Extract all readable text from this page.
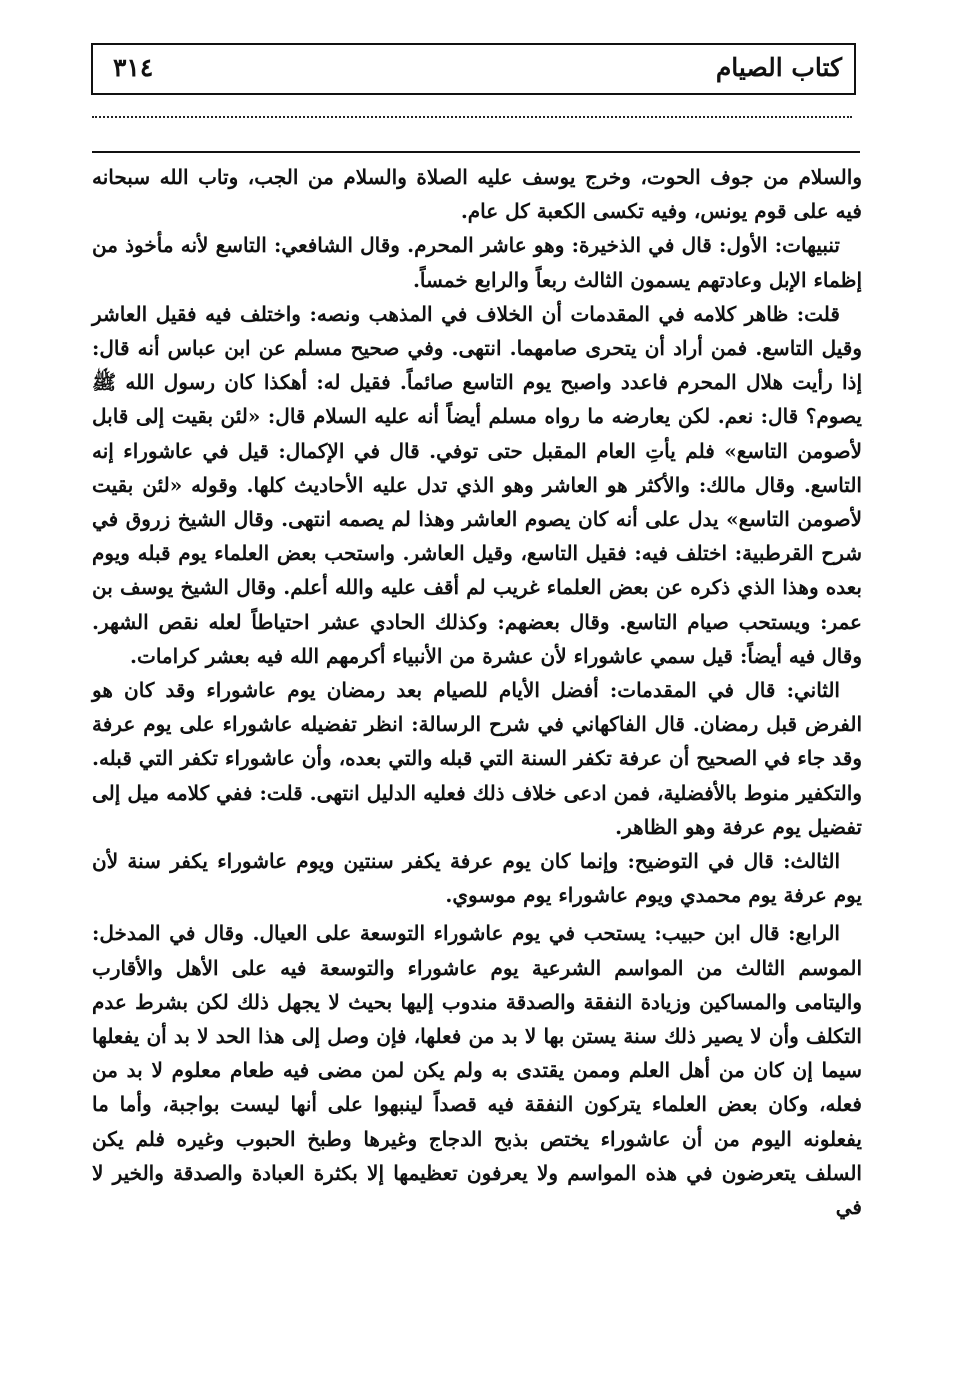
كتاب الصيام
٣١٤

والسلام من جوف الحوت، وخرج يوسف عليه الصلاة والسلام من الجب، وتاب الله سبحانه فيه على قوم يونس، وفيه تكسى الكعبة كل عام.

تنبيهات: الأول: قال في الذخيرة: وهو عاشر المحرم. وقال الشافعي: التاسع لأنه مأخوذ من إظماء الإبل وعادتهم يسمون الثالث ربعاً والرابع خمساً.

قلت: ظاهر كلامه في المقدمات أن الخلاف في المذهب ونصه: واختلف فيه فقيل العاشر وقيل التاسع. فمن أراد أن يتحرى صامهما. انتهى. وفي صحيح مسلم عن ابن عباس أنه قال: إذا رأيت هلال المحرم فاعدد واصبح يوم التاسع صائماً. فقيل له: أهكذا كان رسول الله ﷺ يصوم؟ قال: نعم. لكن يعارضه ما رواه مسلم أيضاً أنه عليه السلام قال: «لئن بقيت إلى قابل لأصومن التاسع» فلم يأتِ العام المقبل حتى توفي. قال في الإكمال: قيل في عاشوراء إنه التاسع. وقال مالك: والأكثر هو العاشر وهو الذي تدل عليه الأحاديث كلها. وقوله «لئن بقيت لأصومن التاسع» يدل على أنه كان يصوم العاشر وهذا لم يصمه انتهى. وقال الشيخ زروق في شرح القرطبية: اختلف فيه: فقيل التاسع، وقيل العاشر. واستحب بعض العلماء يوم قبله ويوم بعده وهذا الذي ذكره عن بعض العلماء غريب لم أقف عليه والله أعلم. وقال الشيخ يوسف بن عمر: ويستحب صيام التاسع. وقال بعضهم: وكذلك الحادي عشر احتياطاً لعله نقص الشهر. وقال فيه أيضاً: قيل سمي عاشوراء لأن عشرة من الأنبياء أكرمهم الله فيه بعشر كرامات.

الثاني: قال في المقدمات: أفضل الأيام للصيام بعد رمضان يوم عاشوراء وقد كان هو الفرض قبل رمضان. قال الفاكهاني في شرح الرسالة: انظر تفضيله عاشوراء على يوم عرفة وقد جاء في الصحيح أن عرفة تكفر السنة التي قبله والتي بعده، وأن عاشوراء تكفر التي قبله. والتكفير منوط بالأفضلية، فمن ادعى خلاف ذلك فعليه الدليل انتهى. قلت: ففي كلامه ميل إلى تفضيل يوم عرفة وهو الظاهر.

الثالث: قال في التوضيح: وإنما كان يوم عرفة يكفر سنتين ويوم عاشوراء يكفر سنة لأن يوم عرفة يوم محمدي ويوم عاشوراء يوم موسوي.

الرابع: قال ابن حبيب: يستحب في يوم عاشوراء التوسعة على العيال. وقال في المدخل: الموسم الثالث من المواسم الشرعية يوم عاشوراء والتوسعة فيه على الأهل والأقارب واليتامى والمساكين وزيادة النفقة والصدقة مندوب إليها بحيث لا يجهل ذلك لكن بشرط عدم التكلف وأن لا يصير ذلك سنة يستن بها لا بد من فعلها، فإن وصل إلى هذا الحد لا بد أن يفعلها سيما إن كان من أهل العلم وممن يقتدى به ولم يكن لمن مضى فيه طعام معلوم لا بد من فعله، وكان بعض العلماء يتركون النفقة فيه قصداً لينبهوا على أنها ليست بواجبة، وأما ما يفعلونه اليوم من أن عاشوراء يختص بذبح الدجاج وغيرها وطبخ الحبوب وغيره فلم يكن السلف يتعرضون في هذه المواسم ولا يعرفون تعظيمها إلا بكثرة العبادة والصدقة والخير لا في
